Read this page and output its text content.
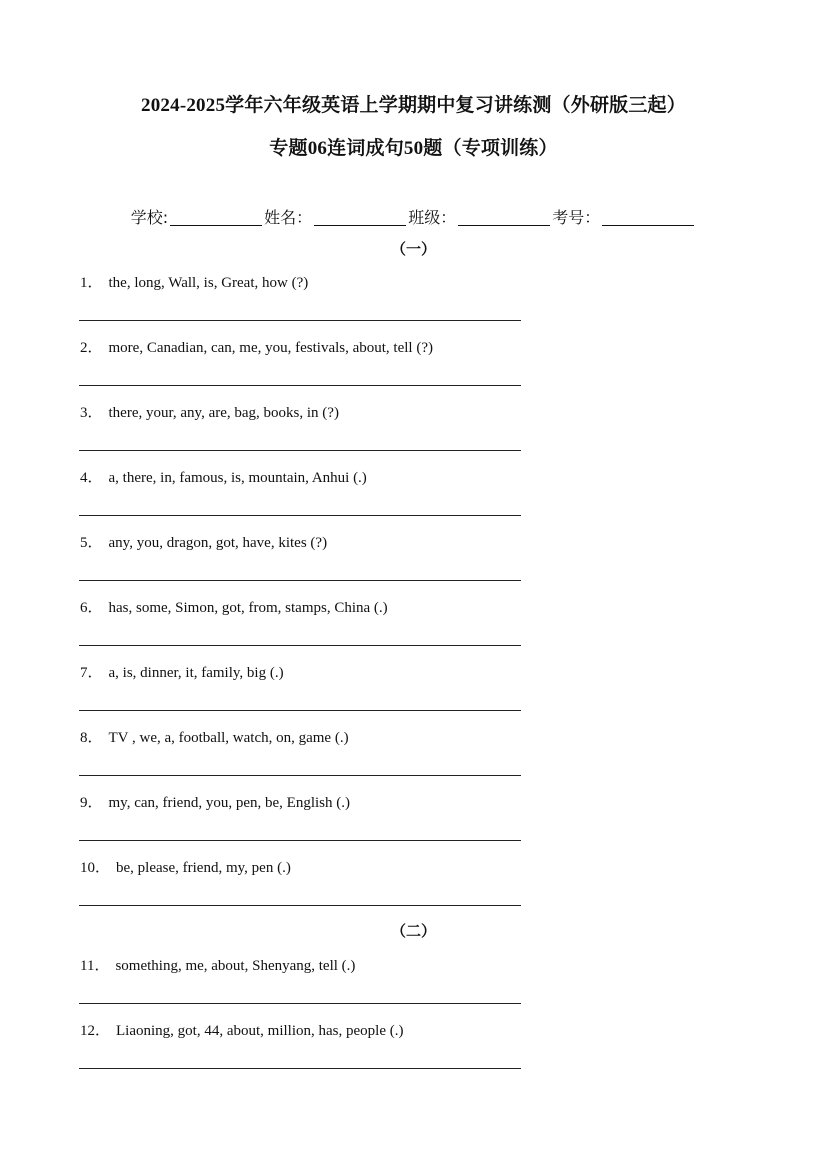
2024-2025学年六年级英语上学期期中复习讲练测（外研版三起）
专题06连词成句50题（专项训练）
学校:	姓名：	班级：	考号：
（一）
1． the, long, Wall, is, Great, how (?)
2． more, Canadian, can, me, you, festivals, about, tell (?)
3． there, your, any, are, bag, books, in (?)
4． a, there, in, famous, is, mountain, Anhui (.)
5． any, you, dragon, got, have, kites (?)
6． has, some, Simon, got, from, stamps, China (.)
7． a, is, dinner, it, family, big (.)
8． TV , we, a, football, watch, on, game (.)
9． my, can, friend, you, pen, be, English (.)
10． be, please, friend, my, pen (.)
（二）
11． something, me, about, Shenyang, tell (.)
12． Liaoning, got, 44, about, million, has, people (.)
